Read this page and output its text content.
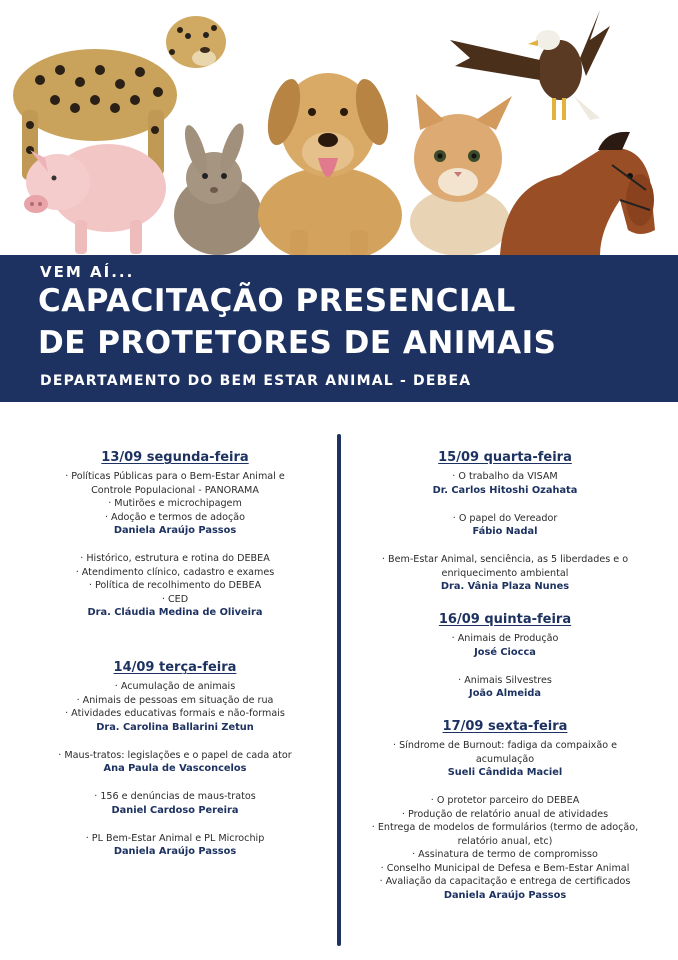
VEM AÍ...
CAPACITAÇÃO PRESENCIAL
DE PROTETORES DE ANIMAIS
DEPARTAMENTO DO BEM ESTAR ANIMAL - DEBEA
13/09 segunda-feira
· Políticas Públicas para o Bem-Estar Animal e
Controle Populacional - PANORAMA
· Mutirões e microchipagem
· Adoção e termos de adoção
Daniela Araújo Passos
· Histórico, estrutura e rotina do DEBEA
· Atendimento clínico, cadastro e exames
· Política de recolhimento do DEBEA
· CED
Dra. Cláudia Medina de Oliveira
14/09 terça-feira
· Acumulação de animais
· Animais de pessoas em situação de rua
· Atividades educativas formais e não-formais
Dra. Carolina Ballarini Zetun
· Maus-tratos: legislações e o papel de cada ator
Ana Paula de Vasconcelos
· 156 e denúncias de maus-tratos
Daniel Cardoso Pereira
· PL Bem-Estar Animal e PL Microchip
Daniela Araújo Passos
15/09 quarta-feira
· O trabalho da VISAM
Dr. Carlos Hitoshi Ozahata
· O papel do Vereador
Fábio Nadal
· Bem-Estar Animal, senciência, as 5 liberdades e o
enriquecimento ambiental
Dra. Vânia Plaza Nunes
16/09 quinta-feira
· Animais de Produção
José Ciocca
· Animais Silvestres
João Almeida
17/09 sexta-feira
· Síndrome de Burnout: fadiga da compaixão e
acumulação
Sueli Cândida Maciel
· O protetor parceiro do DEBEA
· Produção de relatório anual de atividades
· Entrega de modelos de formulários (termo de adoção,
relatório anual, etc)
· Assinatura de termo de compromisso
· Conselho Municipal de Defesa e Bem-Estar Animal
· Avaliação da capacitação e entrega de certificados
Daniela Araújo Passos
